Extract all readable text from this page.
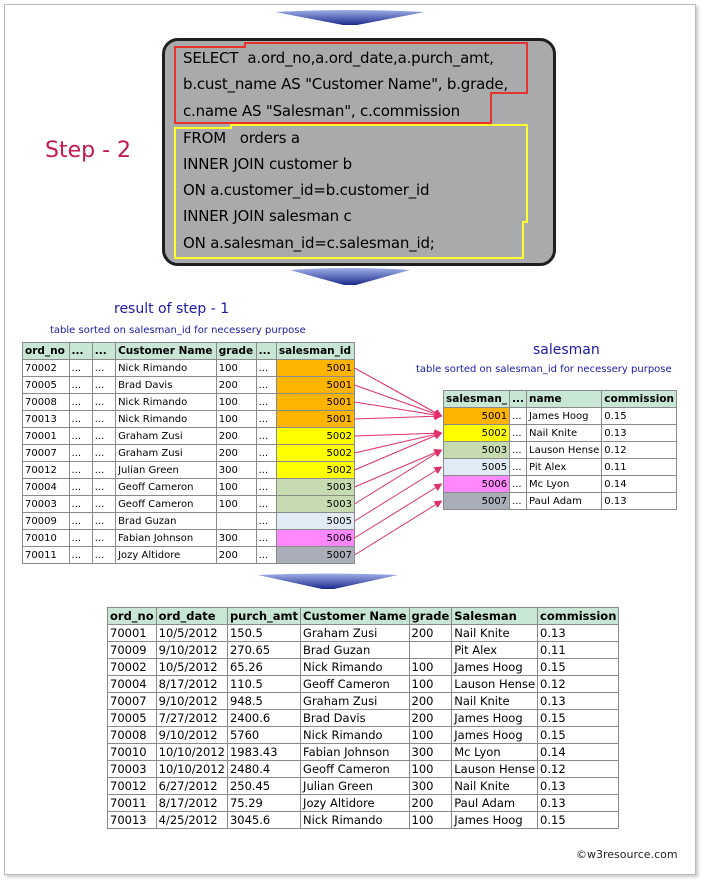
SELECT a.ord_no,a.ord_date,a.purch_amt,
b.cust_name AS "Customer Name", b.grade,
c.name AS "Salesman", c.commission
FROM orders a
INNER JOIN customer b
ON a.customer_id=b.customer_id
INNER JOIN salesman c
ON a.salesman_id=c.salesman_id;
Step - 2
result of step - 1
table sorted on salesman_id for necessery purpose
ord_no	...	...	Customer Name	grade	...	salesman_id
70002	...	...	Nick Rimando	100	...	5001
70005	...	...	Brad Davis	200	...	5001
70008	...	...	Nick Rimando	100	...	5001
70013	...	...	Nick Rimando	100	...	5001
70001	...	...	Graham Zusi	200	...	5002
70007	...	...	Graham Zusi	200	...	5002
70012	...	...	Julian Green	300	...	5002
70004	...	...	Geoff Cameron	100	...	5003
70003	...	...	Geoff Cameron	100	...	5003
70009	...	...	Brad Guzan		...	5005
70010	...	...	Fabian Johnson	300	...	5006
70011	...	...	Jozy Altidore	200	...	5007
salesman
table sorted on salesman_id for necessery purpose
salesman_	...	name	commission
5001	...	James Hoog	0.15
5002	...	Nail Knite	0.13
5003	...	Lauson Hense	0.12
5005	...	Pit Alex	0.11
5006	...	Mc Lyon	0.14
5007	...	Paul Adam	0.13
ord_no	ord_date	purch_amt	Customer Name	grade	Salesman	commission
70001	10/5/2012	150.5	Graham Zusi	200	Nail Knite	0.13
70009	9/10/2012	270.65	Brad Guzan		Pit Alex	0.11
70002	10/5/2012	65.26	Nick Rimando	100	James Hoog	0.15
70004	8/17/2012	110.5	Geoff Cameron	100	Lauson Hense	0.12
70007	9/10/2012	948.5	Graham Zusi	200	Nail Knite	0.13
70005	7/27/2012	2400.6	Brad Davis	200	James Hoog	0.15
70008	9/10/2012	5760	Nick Rimando	100	James Hoog	0.15
70010	10/10/2012	1983.43	Fabian Johnson	300	Mc Lyon	0.14
70003	10/10/2012	2480.4	Geoff Cameron	100	Lauson Hense	0.12
70012	6/27/2012	250.45	Julian Green	300	Nail Knite	0.13
70011	8/17/2012	75.29	Jozy Altidore	200	Paul Adam	0.13
70013	4/25/2012	3045.6	Nick Rimando	100	James Hoog	0.15
©w3resource.com
